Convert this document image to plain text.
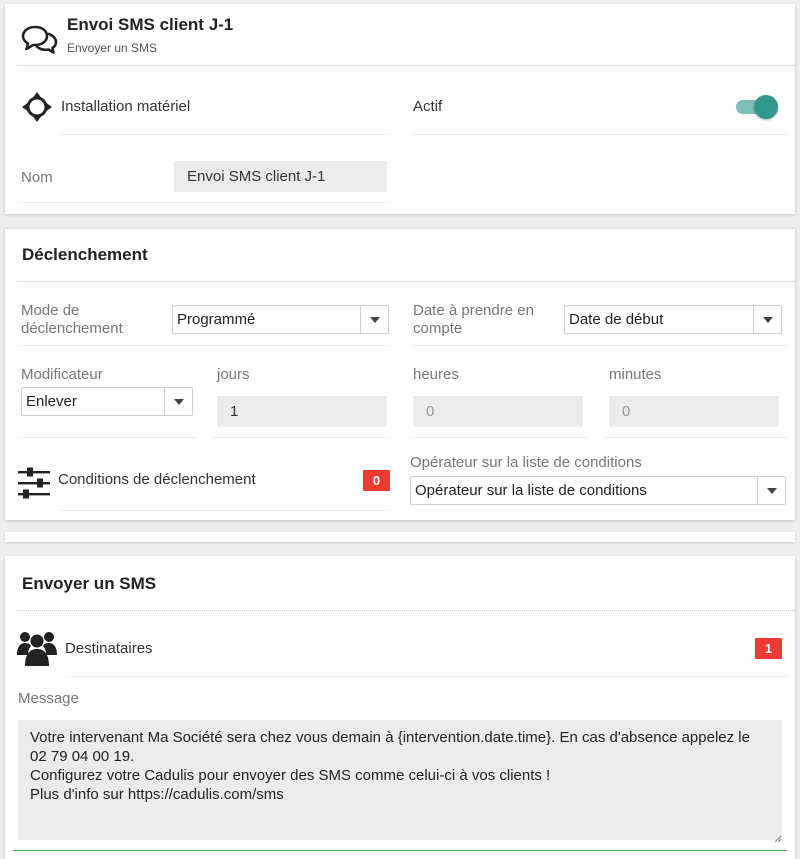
Envoi SMS client J-1
Envoyer un SMS
Installation matériel	Actif
Nom	Envoi SMS client J-1
Déclenchement
Mode de déclenchement
Programmé
Date à prendre en compte
Date de début
Modificateur
Enlever
jours
1
heures
0
minutes
0
Conditions de déclenchement	0
Opérateur sur la liste de conditions
Opérateur sur la liste de conditions
Envoyer un SMS
Destinataires	1
Message
Votre intervenant Ma Société sera chez vous demain à {intervention.date.time}. En cas d'absence appelez le 02 79 04 00 19.
Configurez votre Cadulis pour envoyer des SMS comme celui-ci à vos clients !
Plus d'info sur https://cadulis.com/sms
